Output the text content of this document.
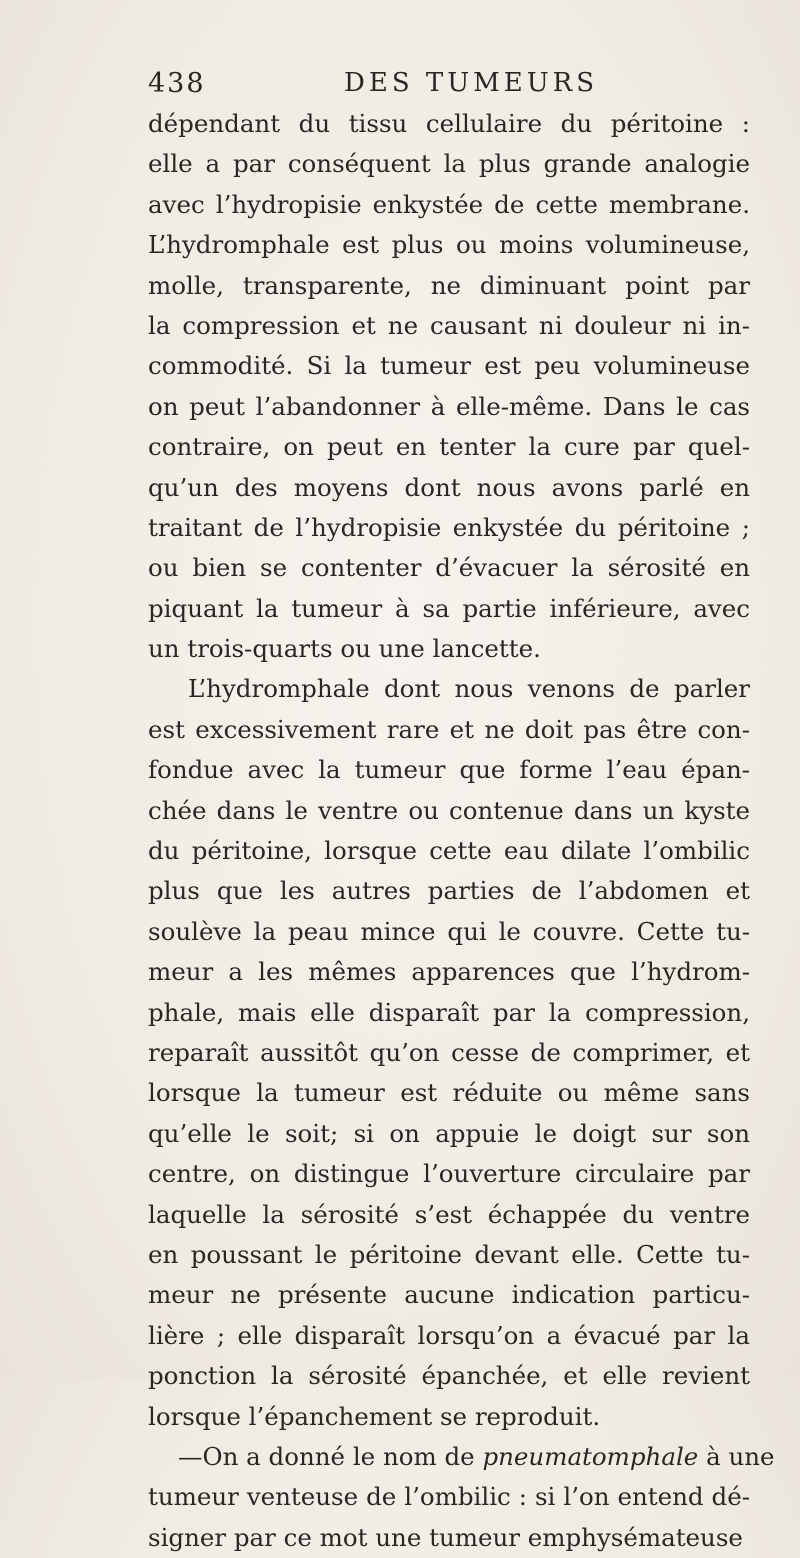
438	DES TUMEURS
dépendant du tissu cellulaire du péritoine :
elle a par conséquent la plus grande analogie
avec l’hydropisie enkystée de cette membrane.
L’hydromphale est plus ou moins volumineuse,
molle, transparente, ne diminuant point par
la compression et ne causant ni douleur ni in-
commodité. Si la tumeur est peu volumineuse
on peut l’abandonner à elle-même. Dans le cas
contraire, on peut en tenter la cure par quel-
qu’un des moyens dont nous avons parlé en
traitant de l’hydropisie enkystée du péritoine ;
ou bien se contenter d’évacuer la sérosité en
piquant la tumeur à sa partie inférieure, avec
un trois-quarts ou une lancette.
L’hydromphale dont nous venons de parler
est excessivement rare et ne doit pas être con-
fondue avec la tumeur que forme l’eau épan-
chée dans le ventre ou contenue dans un kyste
du péritoine, lorsque cette eau dilate l’ombilic
plus que les autres parties de l’abdomen et
soulève la peau mince qui le couvre. Cette tu-
meur a les mêmes apparences que l’hydrom-
phale, mais elle disparaît par la compression,
reparaît aussitôt qu’on cesse de comprimer, et
lorsque la tumeur est réduite ou même sans
qu’elle le soit; si on appuie le doigt sur son
centre, on distingue l’ouverture circulaire par
laquelle la sérosité s’est échappée du ventre
en poussant le péritoine devant elle. Cette tu-
meur ne présente aucune indication particu-
lière ; elle disparaît lorsqu’on a évacué par la
ponction la sérosité épanchée, et elle revient
lorsque l’épanchement se reproduit.
—On a donné le nom de pneumatomphale à une
tumeur venteuse de l’ombilic : si l’on entend dé-
signer par ce mot une tumeur emphysémateuse
